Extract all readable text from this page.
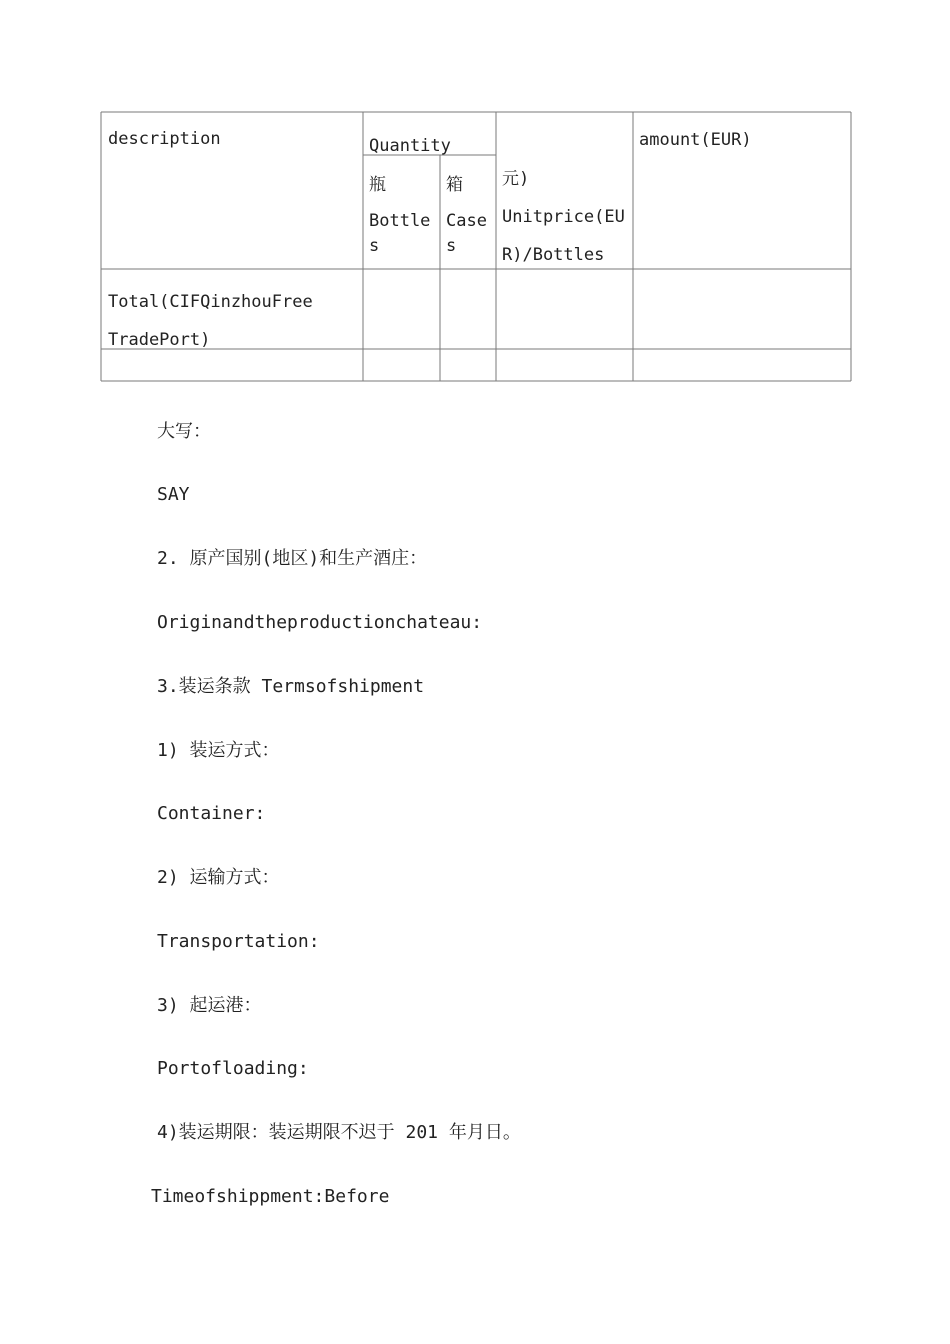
description	Quantity
瓶
Bottle
s
箱
Case
s
元)
Unitprice(EU
R)/Bottles
amount(EUR)
Total(CIFQinzhouFree
TradePort)
大写：
SAY
2. 原产国别(地区)和生产酒庄：
Originandtheproductionchateau:
3.装运条款 Termsofshipment
1) 装运方式：
Container:
2) 运输方式：
Transportation:
3) 起运港：
Portofloading:
4)装运期限：装运期限不迟于 201 年月日。
Timeofshippment:Before
